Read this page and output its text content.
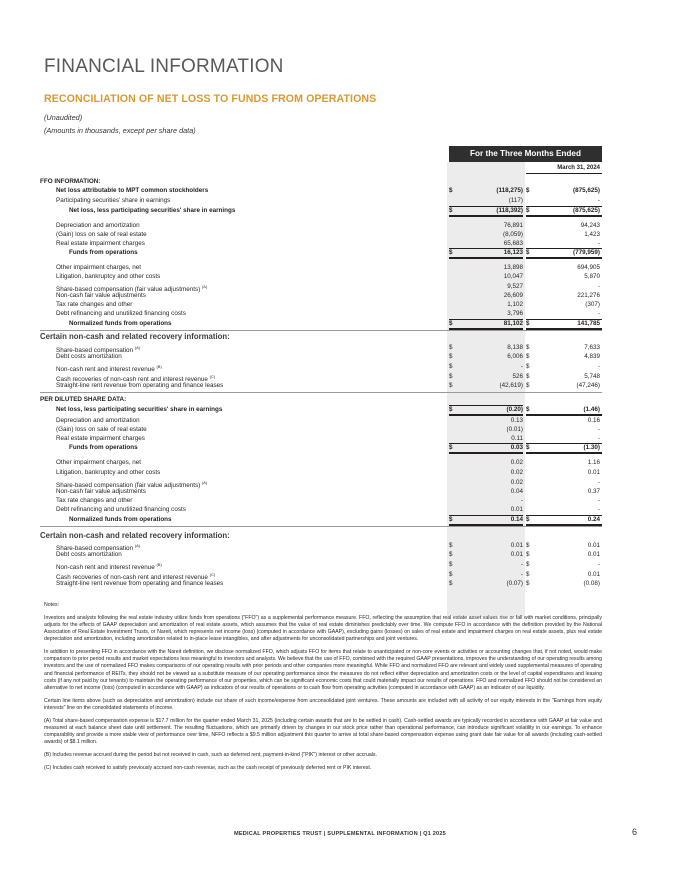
FINANCIAL INFORMATION
RECONCILIATION OF NET LOSS TO FUNDS FROM OPERATIONS
(Unaudited)
(Amounts in thousands, except per share data)
For the Three Months Ended
March 31, 2024
FFO INFORMATION:
Net loss attributable to MPT common stockholders	$	(118,275) $	(875,625)
Participating securities' share in earnings	(117)	-
Net loss, less participating securities' share in earnings	$	(118,392) $	(875,625)
Depreciation and amortization	76,891	94,243
(Gain) loss on sale of real estate	(8,059)	1,423
Real estate impairment charges	65,683	-
Funds from operations	$	16,123 $	(779,959)
Other impairment charges, net	13,898	694,905
Litigation, bankruptcy and other costs	10,047	5,870
Share-based compensation (fair value adjustments) $^{(A)}$	9,527	-
Non-cash fair value adjustments	26,609	221,276
Tax rate changes and other	1,102	(307)
Debt refinancing and unutilized financing costs	3,796	-
Normalized funds from operations	$	81,102 $	141,785
Certain non-cash and related recovery information:
Share-based compensation $^{(A)}$	$	8,138 $	7,633
Debt costs amortization	$	6,006 $	4,839
Non-cash rent and interest revenue $^{(B)}$	$	- $	-
Cash recoveries of non-cash rent and interest revenue $^{(C)}$	$	526 $	5,748
Straight-line rent revenue from operating and finance leases	$	(42,619) $	(47,246)
PER DILUTED SHARE DATA:
Net loss, less participating securities' share in earnings	$	(0.20) $	(1.46)
Depreciation and amortization	0.13	0.16
(Gain) loss on sale of real estate	(0.01)	-
Real estate impairment charges	0.11	-
Funds from operations	$	0.03 $	(1.30)
Other impairment charges, net	0.02	1.16
Litigation, bankruptcy and other costs	0.02	0.01
Share-based compensation (fair value adjustments) $^{(A)}$	0.02	-
Non-cash fair value adjustments	0.04	0.37
Tax rate changes and other	-	-
Debt refinancing and unutilized financing costs	0.01	-
Normalized funds from operations	$	0.14 $	0.24
Certain non-cash and related recovery information:
Share-based compensation $^{(A)}$	$	0.01 $	0.01
Debt costs amortization	$	0.01 $	0.01
Non-cash rent and interest revenue $^{(B)}$	$	- $	-
Cash recoveries of non-cash rent and interest revenue $^{(C)}$	$	- $	0.01
Straight-line rent revenue from operating and finance leases	$	(0.07) $	(0.08)

Notes:

Investors and analysts following the real estate industry utilize funds from operations ("FFO") as a supplemental performance measure. FFO, reflecting the assumption that real estate asset values rise or fall with market conditions, principally adjusts for the effects of GAAP depreciation and amortization of real estate assets, which assumes that the value of real estate diminishes predictably over time. We compute FFO in accordance with the definition provided by the National Association of Real Estate Investment Trusts, or Nareit, which represents net income (loss) (computed in accordance with GAAP), excluding gains (losses) on sales of real estate and impairment charges on real estate assets, plus real estate depreciation and amortization, including amortization related to in-place lease intangibles, and after adjustments for unconsolidated partnerships and joint ventures.

In addition to presenting FFO in accordance with the Nareit definition, we disclose normalized FFO, which adjusts FFO for items that relate to unanticipated or non-core events or activities or accounting changes that, if not noted, would make comparison to prior period results and market expectations less meaningful to investors and analysts. We believe that the use of FFO, combined with the required GAAP presentations, improves the understanding of our operating results among investors and the use of normalized FFO makes comparisons of our operating results with prior periods and other companies more meaningful. While FFO and normalized FFO are relevant and widely used supplemental measures of operating and financial performance of REITs, they should not be viewed as a substitute measure of our operating performance since the measures do not reflect either depreciation and amortization costs or the level of capital expenditures and leasing costs (if any not paid by our tenants) to maintain the operating performance of our properties, which can be significant economic costs that could materially impact our results of operations. FFO and normalized FFO should not be considered an alternative to net income (loss) (computed in accordance with GAAP) as indicators of our results of operations or to cash flow from operating activities (computed in accordance with GAAP) as an indicator of our liquidity.

Certain line items above (such as depreciation and amortization) include our share of such income/expense from unconsolidated joint ventures. These amounts are included with all activity of our equity interests in the "Earnings from equity interests" line on the consolidated statements of income.

(A) Total share-based compensation expense is $17.7 million for the quarter ended March 31, 2025 (including certain awards that are to be settled in cash). Cash-settled awards are typically recorded in accordance with GAAP at fair value and measured at each balance sheet date until settlement. The resulting fluctuations, which are primarily driven by changes in our stock price rather than operational performance, can introduce significant volatility in our earnings. To enhance comparability and provide a more stable view of performance over time, NFFO reflects a $9.5 million adjustment this quarter to arrive at total share-based compensation expense using grant date fair value for all awards (including cash-settled awards) of $8.1 million.

(B) Includes revenue accrued during the period but not received in cash, such as deferred rent, payment-in-kind ("PIK") interest or other accruals.

(C) Includes cash received to satisfy previously accrued non-cash revenue, such as the cash receipt of previously deferred rent or PIK interest.

MEDICAL PROPERTIES TRUST | SUPPLEMENTAL INFORMATION | Q1 2025	6
